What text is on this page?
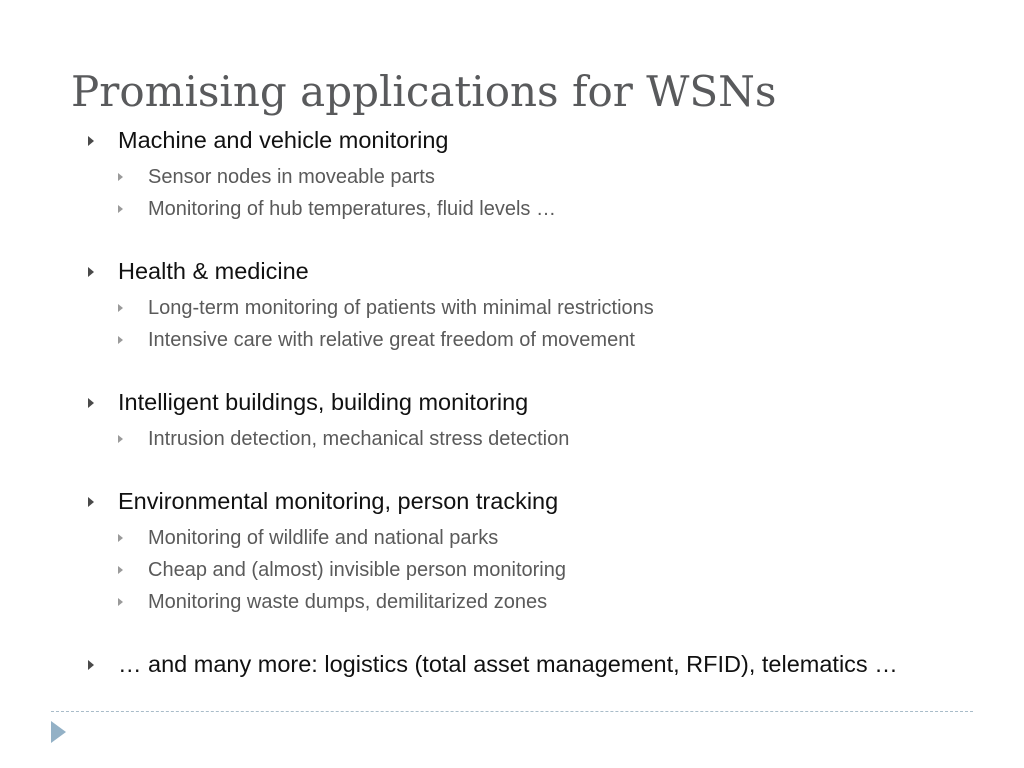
Promising applications for WSNs
Machine and vehicle monitoring
Sensor nodes in moveable parts
Monitoring of hub temperatures, fluid levels …
Health & medicine
Long-term monitoring of patients with minimal restrictions
Intensive care with relative great freedom of movement
Intelligent buildings, building monitoring
Intrusion detection, mechanical stress detection
Environmental monitoring, person tracking
Monitoring of wildlife and national parks
Cheap and (almost) invisible person monitoring
Monitoring waste dumps, demilitarized zones
… and many more: logistics (total asset management, RFID), telematics …
